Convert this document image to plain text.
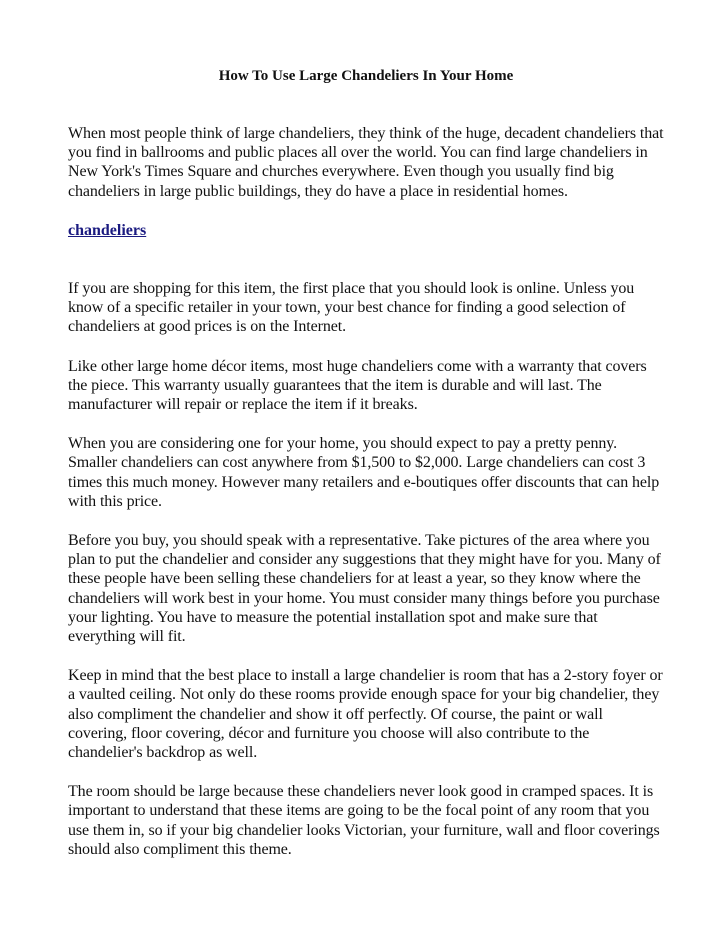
How To Use Large Chandeliers In Your Home

When most people think of large chandeliers, they think of the huge, decadent chandeliers that you find in ballrooms and public places all over the world. You can find large chandeliers in New York's Times Square and churches everywhere. Even though you usually find big chandeliers in large public buildings, they do have a place in residential homes.

chandeliers

If you are shopping for this item, the first place that you should look is online. Unless you know of a specific retailer in your town, your best chance for finding a good selection of chandeliers at good prices is on the Internet.

Like other large home décor items, most huge chandeliers come with a warranty that covers the piece. This warranty usually guarantees that the item is durable and will last. The manufacturer will repair or replace the item if it breaks.

When you are considering one for your home, you should expect to pay a pretty penny. Smaller chandeliers can cost anywhere from $1,500 to $2,000. Large chandeliers can cost 3 times this much money. However many retailers and e-boutiques offer discounts that can help with this price.

Before you buy, you should speak with a representative. Take pictures of the area where you plan to put the chandelier and consider any suggestions that they might have for you. Many of these people have been selling these chandeliers for at least a year, so they know where the chandeliers will work best in your home. You must consider many things before you purchase your lighting. You have to measure the potential installation spot and make sure that everything will fit.

Keep in mind that the best place to install a large chandelier is room that has a 2-story foyer or a vaulted ceiling. Not only do these rooms provide enough space for your big chandelier, they also compliment the chandelier and show it off perfectly. Of course, the paint or wall covering, floor covering, décor and furniture you choose will also contribute to the chandelier's backdrop as well.

The room should be large because these chandeliers never look good in cramped spaces. It is important to understand that these items are going to be the focal point of any room that you use them in, so if your big chandelier looks Victorian, your furniture, wall and floor coverings should also compliment this theme.
